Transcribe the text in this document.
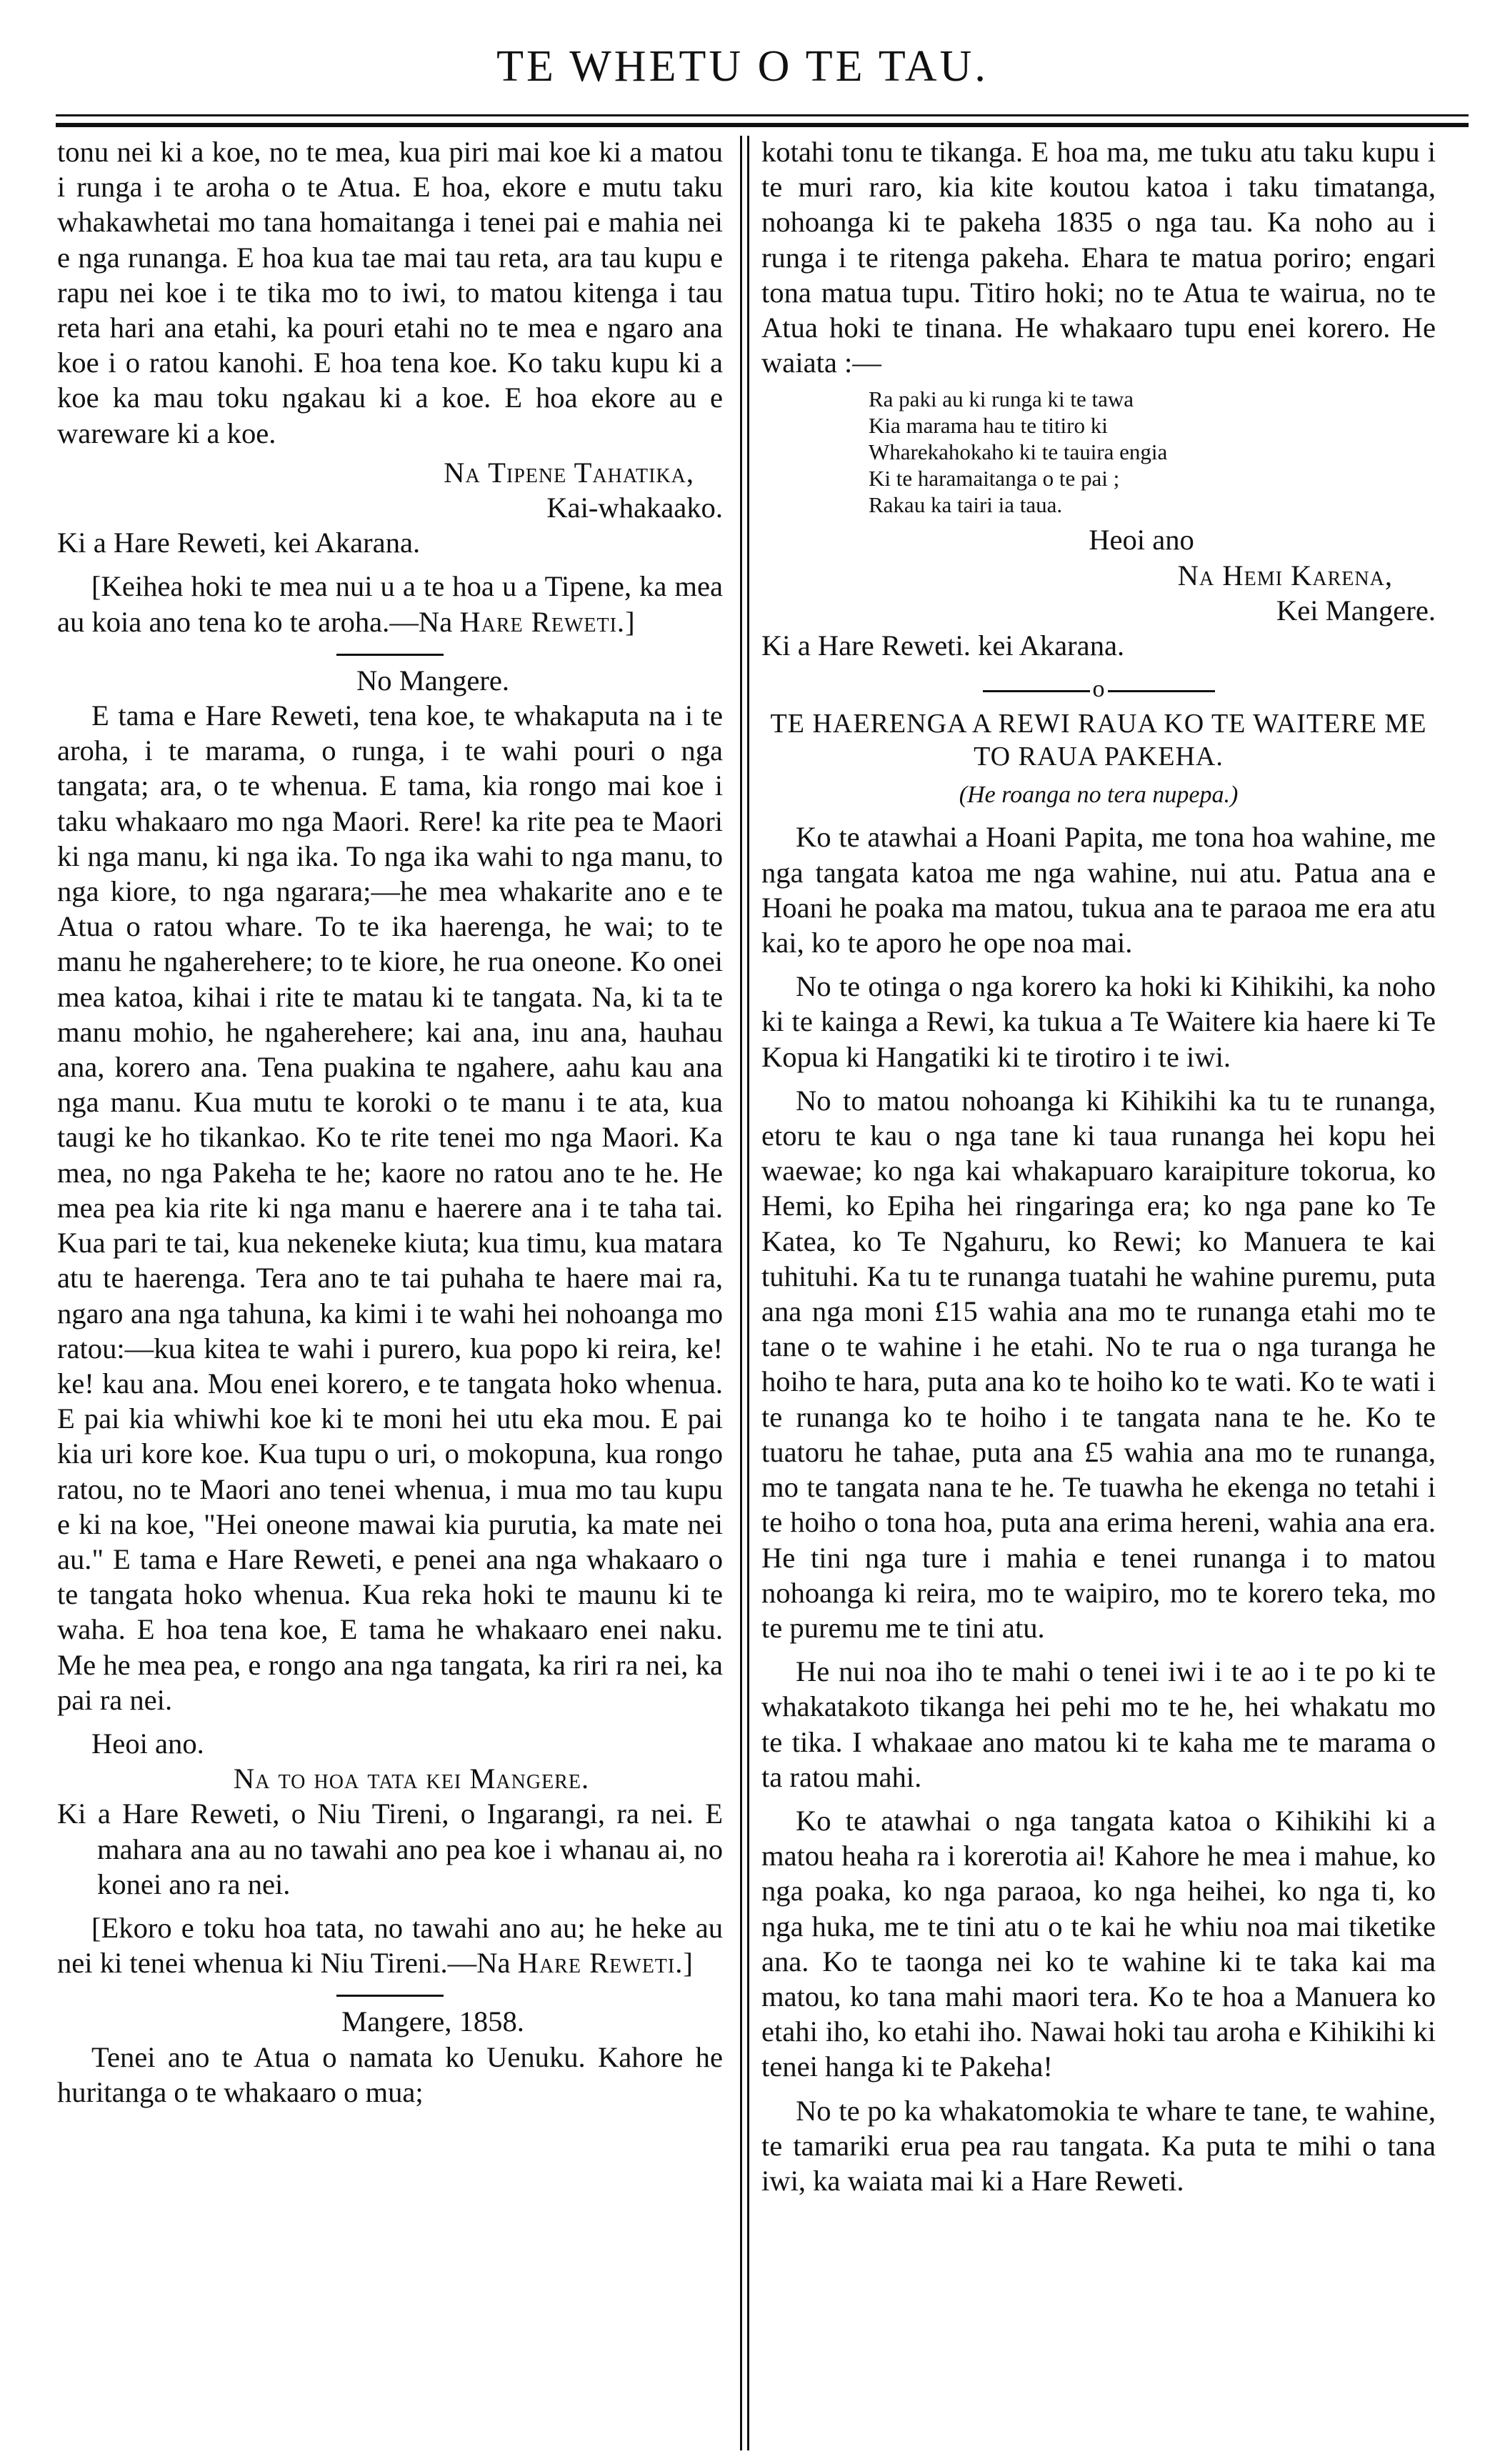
TE WHETU O TE TAU.

tonu nei ki a koe, no te mea, kua piri mai koe ki a matou i runga i te aroha o te Atua. E hoa, ekore e mutu taku whakawhetai mo tana homaitanga i tenei pai e mahia nei e nga runanga. E hoa kua tae mai tau reta, ara tau kupu e rapu nei koe i te tika mo to iwi, to matou kitenga i tau reta hari ana etahi, ka pouri etahi no te mea e ngaro ana koe i o ratou kanohi. E hoa tena koe. Ko taku kupu ki a koe ka mau toku ngakau ki a koe. E hoa ekore au e wareware ki a koe.

Na Tipene Tahatika,

Kai-whakaako.

Ki a Hare Reweti, kei Akarana.

[Keihea hoki te mea nui u a te hoa u a Tipene, ka mea au koia ano tena ko te aroha.—Na Hare Reweti.]

No Mangere.

E tama e Hare Reweti, tena koe, te whakaputa na i te aroha, i te marama, o runga, i te wahi pouri o nga tangata; ara, o te whenua. E tama, kia rongo mai koe i taku whakaaro mo nga Maori. Rere! ka rite pea te Maori ki nga manu, ki nga ika. To nga ika wahi to nga manu, to nga kiore, to nga ngarara;—he mea whakarite ano e te Atua o ratou whare. To te ika haerenga, he wai; to te manu he ngaherehere; to te kiore, he rua oneone. Ko onei mea katoa, kihai i rite te matau ki te tangata. Na, ki ta te manu mohio, he ngaherehere; kai ana, inu ana, hauhau ana, korero ana. Tena puakina te ngahere, aahu kau ana nga manu. Kua mutu te koroki o te manu i te ata, kua taugi ke ho tikankao. Ko te rite tenei mo nga Maori. Ka mea, no nga Pakeha te he; kaore no ratou ano te he. He mea pea kia rite ki nga manu e haerere ana i te taha tai. Kua pari te tai, kua nekeneke kiuta; kua timu, kua matara atu te haerenga. Tera ano te tai puhaha te haere mai ra, ngaro ana nga tahuna, ka kimi i te wahi hei nohoanga mo ratou:—kua kitea te wahi i purero, kua popo ki reira, ke! ke! kau ana. Mou enei korero, e te tangata hoko whenua. E pai kia whiwhi koe ki te moni hei utu eka mou. E pai kia uri kore koe. Kua tupu o uri, o mokopuna, kua rongo ratou, no te Maori ano tenei whenua, i mua mo tau kupu e ki na koe, "Hei oneone mawai kia purutia, ka mate nei au." E tama e Hare Reweti, e penei ana nga whakaaro o te tangata hoko whenua. Kua reka hoki te maunu ki te waha. E hoa tena koe, E tama he whakaaro enei naku. Me he mea pea, e rongo ana nga tangata, ka riri ra nei, ka pai ra nei.

Heoi ano.

Na to hoa tata kei Mangere.

Ki a Hare Reweti, o Niu Tireni, o Ingarangi, ra nei. E mahara ana au no tawahi ano pea koe i whanau ai, no konei ano ra nei.

[Ekoro e toku hoa tata, no tawahi ano au; he heke au nei ki tenei whenua ki Niu Tireni.—Na Hare Reweti.]

Mangere, 1858.

Tenei ano te Atua o namata ko Uenuku. Kahore he huritanga o te whakaaro o mua;

kotahi tonu te tikanga. E hoa ma, me tuku atu taku kupu i te muri raro, kia kite koutou katoa i taku timatanga, nohoanga ki te pakeha 1835 o nga tau. Ka noho au i runga i te ritenga pakeha. Ehara te matua poriro; engari tona matua tupu. Titiro hoki; no te Atua te wairua, no te Atua hoki te tinana. He whakaaro tupu enei korero. He waiata :—

Ra paki au ki runga ki te tawa
Kia marama hau te titiro ki
Wharekahokaho ki te tauira engia
Ki te haramaitanga o te pai ;
Rakau ka tairi ia taua.

Heoi ano

Na Hemi Karena,

Kei Mangere.

Ki a Hare Reweti. kei Akarana.

o
TE HAERENGA A REWI RAUA KO TE WAITERE ME TO RAUA PAKEHA.
(He roanga no tera nupepa.)

Ko te atawhai a Hoani Papita, me tona hoa wahine, me nga tangata katoa me nga wahine, nui atu. Patua ana e Hoani he poaka ma matou, tukua ana te paraoa me era atu kai, ko te aporo he ope noa mai.

No te otinga o nga korero ka hoki ki Kihikihi, ka noho ki te kainga a Rewi, ka tukua a Te Waitere kia haere ki Te Kopua ki Hangatiki ki te tirotiro i te iwi.

No to matou nohoanga ki Kihikihi ka tu te runanga, etoru te kau o nga tane ki taua runanga hei kopu hei waewae; ko nga kai whakapuaro karaipiture tokorua, ko Hemi, ko Epiha hei ringaringa era; ko nga pane ko Te Katea, ko Te Ngahuru, ko Rewi; ko Manuera te kai tuhituhi. Ka tu te runanga tuatahi he wahine puremu, puta ana nga moni £15 wahia ana mo te runanga etahi mo te tane o te wahine i he etahi. No te rua o nga turanga he hoiho te hara, puta ana ko te hoiho ko te wati. Ko te wati i te runanga ko te hoiho i te tangata nana te he. Ko te tuatoru he tahae, puta ana £5 wahia ana mo te runanga, mo te tangata nana te he. Te tuawha he ekenga no tetahi i te hoiho o tona hoa, puta ana erima hereni, wahia ana era. He tini nga ture i mahia e tenei runanga i to matou nohoanga ki reira, mo te waipiro, mo te korero teka, mo te puremu me te tini atu.

He nui noa iho te mahi o tenei iwi i te ao i te po ki te whakatakoto tikanga hei pehi mo te he, hei whakatu mo te tika. I whakaae ano matou ki te kaha me te marama o ta ratou mahi.

Ko te atawhai o nga tangata katoa o Kihikihi ki a matou heaha ra i korerotia ai! Kahore he mea i mahue, ko nga poaka, ko nga paraoa, ko nga heihei, ko nga ti, ko nga huka, me te tini atu o te kai he whiu noa mai tiketike ana. Ko te taonga nei ko te wahine ki te taka kai ma matou, ko tana mahi maori tera. Ko te hoa a Manuera ko etahi iho, ko etahi iho. Nawai hoki tau aroha e Kihikihi ki tenei hanga ki te Pakeha!

No te po ka whakatomokia te whare te tane, te wahine, te tamariki erua pea rau tangata. Ka puta te mihi o tana iwi, ka waiata mai ki a Hare Reweti.
